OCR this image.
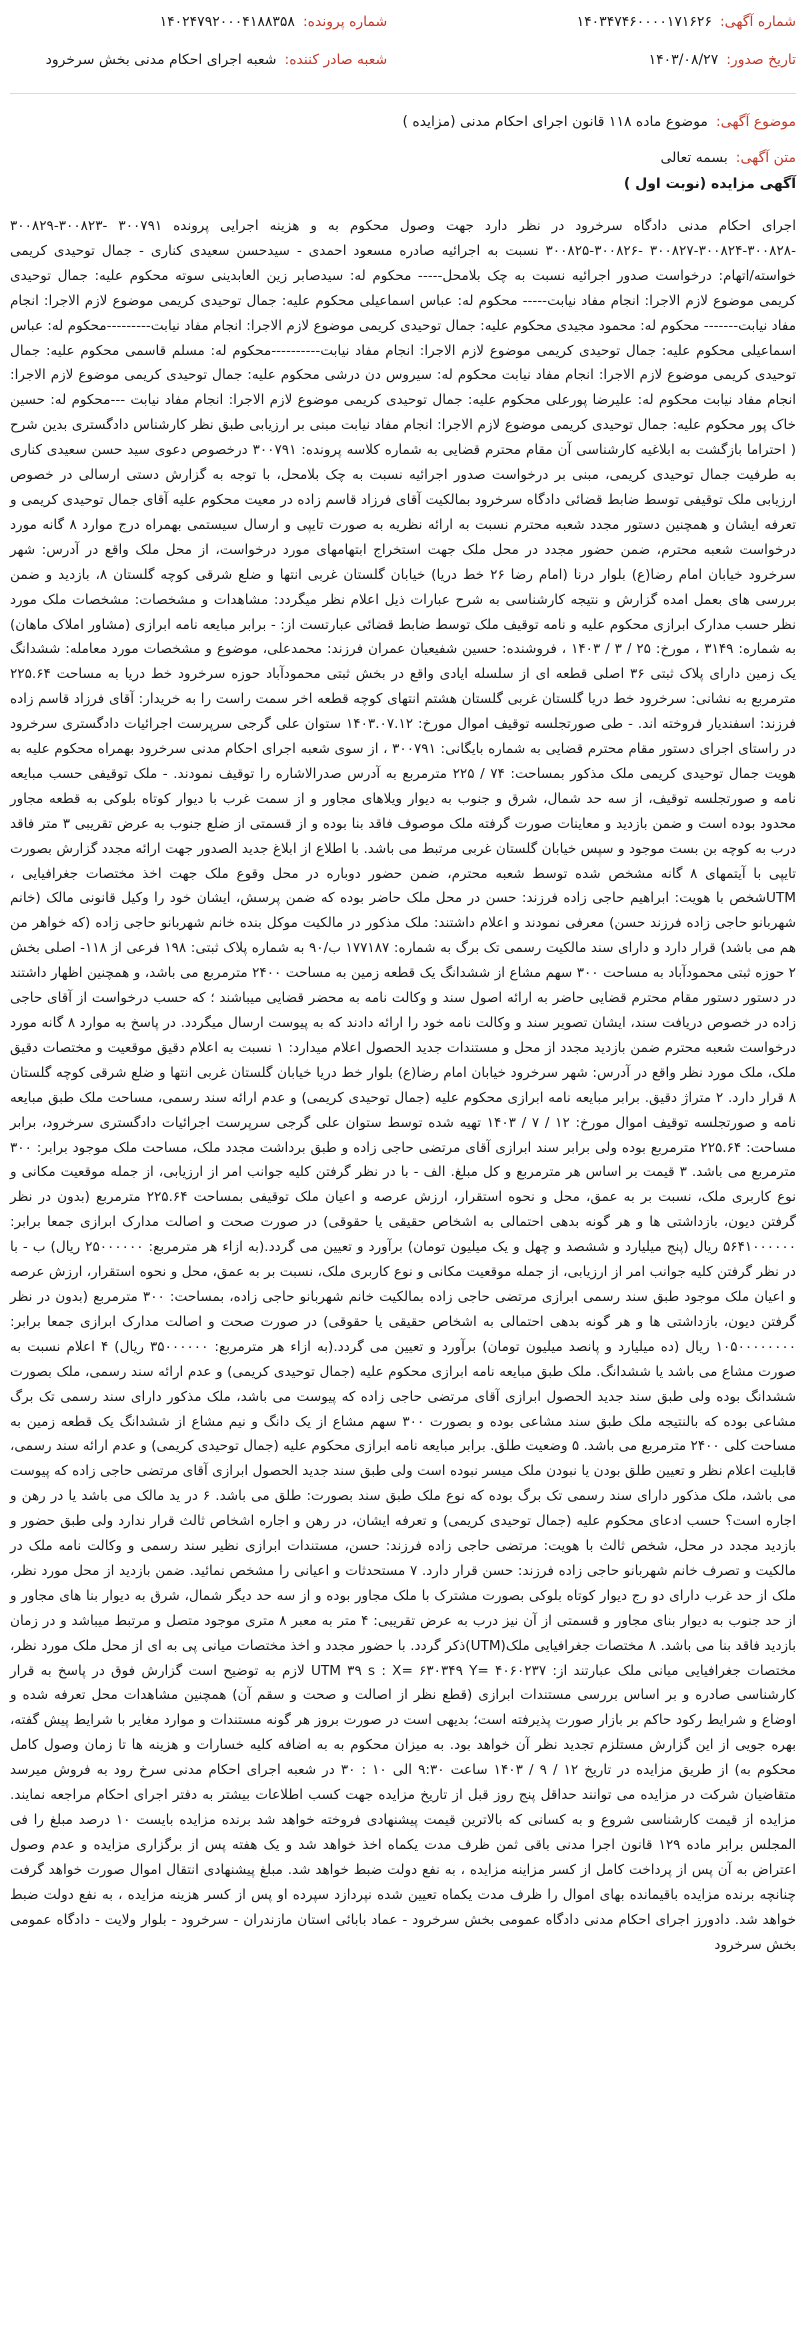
شماره آگهی:
۱۴۰۳۴۷۴۶۰۰۰۰۱۷۱۶۲۶
شماره پرونده:
۱۴۰۲۴۷۹۲۰۰۰۴۱۸۸۳۵۸
تاریخ صدور:
۱۴۰۳/۰۸/۲۷
شعبه صادر کننده:
شعبه اجرای احکام مدنی بخش سرخرود
موضوع آگهی:
موضوع ماده ۱۱۸ قانون اجرای احکام مدنی (مزایده )
متن آگهی:
بسمه تعالی
آگهی مزایده (نوبت اول )
اجرای احکام مدنی دادگاه سرخرود در نظر دارد جهت وصول محکوم به و هزینه اجرایی پرونده ۳۰۰۷۹۱ -۳۰۰۸۲۳-۳۰۰۸۲۹ -۳۰۰۸۲۸-۳۰۰۸۲۴-۳۰۰۸۲۷ -۳۰۰۸۲۶-۳۰۰۸۲۵ نسبت به اجرائیه صادره مسعود احمدی - سیدحسن سعیدی کناری - جمال توحیدی کریمی خواسته/اتهام: درخواست صدور اجرائیه نسبت به چک بلامحل----- محکوم له: سیدصابر زین العابدینی سوته محکوم علیه: جمال توحیدی کریمی موضوع لازم الاجرا: انجام مفاد نیابت----- محکوم له: عباس اسماعیلی محکوم علیه: جمال توحیدی کریمی موضوع لازم الاجرا: انجام مفاد نیابت------- محکوم له: محمود مجیدی محکوم علیه: جمال توحیدی کریمی موضوع لازم الاجرا: انجام مفاد نیابت---------محکوم له: عباس اسماعیلی محکوم علیه: جمال توحیدی کریمی موضوع لازم الاجرا: انجام مفاد نیابت----------محکوم له: مسلم قاسمی محکوم علیه: جمال توحیدی کریمی موضوع لازم الاجرا: انجام مفاد نیابت محکوم له: سیروس دن درشی محکوم علیه: جمال توحیدی کریمی موضوع لازم الاجرا: انجام مفاد نیابت محکوم له: علیرضا پورعلی محکوم علیه: جمال توحیدی کریمی موضوع لازم الاجرا: انجام مفاد نیابت ---محکوم له: حسین خاک پور محکوم علیه: جمال توحیدی کریمی موضوع لازم الاجرا: انجام مفاد نیابت مبنی بر ارزیابی طبق نظر کارشناس دادگستری بدین شرح ( احتراما بازگشت به ابلاغیه کارشناسی آن مقام محترم قضایی به شماره کلاسه پرونده: ۳۰۰۷۹۱ درخصوص دعوی سید حسن سعیدی کناری به طرفیت جمال توحیدی کریمی، مبنی بر درخواست صدور اجرائیه نسبت به چک بلامحل، با توجه به گزارش دستی ارسالی در خصوص ارزیابی ملک توقیفی توسط ضابط قضائی دادگاه سرخرود بمالکیت آقای فرزاد قاسم زاده در معیت محکوم علیه آقای جمال توحیدی کریمی و تعرفه ایشان و همچنین دستور مجدد شعبه محترم نسبت به ارائه نظریه به صورت تایپی و ارسال سیستمی بهمراه درج موارد ۸ گانه مورد درخواست شعبه محترم، ضمن حضور مجدد در محل ملک جهت استخراج ابتهامهای مورد درخواست، از محل ملک واقع در آدرس: شهر سرخرود خیابان امام رضا(ع) بلوار درنا (امام رضا ۲۶ خط دریا) خیابان گلستان غربی انتها و ضلع شرقی کوچه گلستان ۸، بازدید و ضمن بررسی های بعمل امده گزارش و نتیجه کارشناسی به شرح عبارات ذیل اعلام نظر میگردد: مشاهدات و مشخصات: مشخصات ملک مورد نظر حسب مدارک ابرازی محکوم علیه و نامه توقیف ملک توسط ضابط قضائی عبارتست از: - برابر مبایعه نامه ابرازی (مشاور املاک ماهان) به شماره: ۳۱۴۹ ، مورخ: ۲۵ / ۳ / ۱۴۰۳ ، فروشنده: حسین شفیعیان عمران فرزند: محمدعلی، موضوع و مشخصات مورد معامله: ششدانگ یک زمین دارای پلاک ثبتی ۳۶ اصلی قطعه ای از سلسله ایادی واقع در بخش ثبتی محمودآباد حوزه سرخرود خط دریا به مساحت ۲۲۵.۶۴ مترمربع به نشانی: سرخرود خط دریا گلستان غربی گلستان هشتم انتهای کوچه قطعه اخر سمت راست را به خریدار: آقای فرزاد قاسم زاده فرزند: اسفندیار فروخته اند. - طی صورتجلسه توقیف اموال مورخ: ۱۴۰۳.۰۷.۱۲ ستوان علی گرجی سرپرست اجرائیات دادگستری سرخرود در راستای اجرای دستور مقام محترم قضایی به شماره بایگانی: ۳۰۰۷۹۱ ، از سوی شعبه اجرای احکام مدنی سرخرود بهمراه محکوم علیه به هویت جمال توحیدی کریمی ملک مذکور بمساحت: ۷۴ / ۲۲۵ مترمربع به آدرس صدرالاشاره را توقیف نمودند. - ملک توقیفی حسب مبایعه نامه و صورتجلسه توقیف، از سه حد شمال، شرق و جنوب به دیوار ویلاهای مجاور و از سمت غرب با دیوار کوتاه بلوکی به قطعه مجاور محدود بوده است و ضمن بازدید و معاینات صورت گرفته ملک موصوف فاقد بنا بوده و از قسمتی از ضلع جنوب به عرض تقریبی ۳ متر فاقد درب به کوچه بن بست موجود و سپس خیابان گلستان غربی مرتبط می باشد. با اطلاع از ابلاغ جدید الصدور جهت ارائه مجدد گزارش بصورت تایپی با آیتمهای ۸ گانه مشخص شده توسط شعبه محترم، ضمن حضور دوباره در محل وقوع ملک جهت اخذ مختصات جغرافیایی ، UTMشخص با هویت: ابراهیم حاجی زاده فرزند: حسن در محل ملک حاضر بوده که ضمن پرسش، ایشان خود را وکیل قانونی مالک (خانم شهربانو حاجی زاده فرزند حسن) معرفی نمودند و اعلام داشتند: ملک مذکور در مالکیت موکل بنده خانم شهربانو حاجی زاده (که خواهر من هم می باشد) قرار دارد و دارای سند مالکیت رسمی تک برگ به شماره: ۱۷۷۱۸۷ ب/۹۰ به شماره پلاک ثبتی: ۱۹۸ فرعی از ۱۱۸- اصلی بخش ۲ حوزه ثبتی محمودآباد به مساحت ۳۰۰ سهم مشاع از ششدانگ یک قطعه زمین به مساحت ۲۴۰۰ مترمربع می باشد، و همچنین اظهار داشتند در دستور دستور مقام محترم قضایی حاضر به ارائه اصول سند و وکالت نامه به محضر قضایی میباشند ؛ که حسب درخواست از آقای حاجی زاده در خصوص دریافت سند، ایشان تصویر سند و وکالت نامه خود را ارائه دادند که به پیوست ارسال میگردد. در پاسخ به موارد ۸ گانه مورد درخواست شعبه محترم ضمن بازدید مجدد از محل و مستندات جدید الحصول اعلام میدارد: ۱ نسبت به اعلام دقیق موقعیت و مختصات دقیق ملک، ملک مورد نظر واقع در آدرس: شهر سرخرود خیابان امام رضا(ع) بلوار خط دریا خیابان گلستان غربی انتها و ضلع شرقی کوچه گلستان ۸ قرار دارد. ۲ متراژ دقیق. برابر مبایعه نامه ابرازی محکوم علیه (جمال توحیدی کریمی) و عدم ارائه سند رسمی، مساحت ملک طبق مبایعه نامه و صورتجلسه توقیف اموال مورخ: ۱۲ / ۷ / ۱۴۰۳ تهیه شده توسط ستوان علی گرجی سرپرست اجرائیات دادگستری سرخرود، برابر مساحت: ۲۲۵.۶۴ مترمربع بوده ولی برابر سند ابرازی آقای مرتضی حاجی زاده و طبق برداشت مجدد ملک، مساحت ملک موجود برابر: ۳۰۰ مترمربع می باشد. ۳ قیمت بر اساس هر مترمربع و کل مبلغ. الف - با در نظر گرفتن کلیه جوانب امر از ارزیابی، از جمله موقعیت مکانی و نوع کاربری ملک، نسبت بر به عمق، محل و نحوه استقرار، ارزش عرصه و اعیان ملک توقیفی بمساحت ۲۲۵.۶۴ مترمربع (بدون در نظر گرفتن دیون، بازداشتی ها و هر گونه بدهی احتمالی به اشخاص حقیقی یا حقوقی) در صورت صحت و اصالت مدارک ابرازی جمعا برابر: ۵۶۴۱۰۰۰۰۰۰ ریال (پنج میلیارد و ششصد و چهل و یک میلیون تومان) برآورد و تعیین می گردد.(به ازاء هر مترمربع: ۲۵۰۰۰۰۰۰ ریال) ب - با در نظر گرفتن کلیه جوانب امر از ارزیابی، از جمله موقعیت مکانی و نوع کاربری ملک، نسبت بر به عمق، محل و نحوه استقرار، ارزش عرصه و اعیان ملک موجود طبق سند رسمی ابرازی مرتضی حاجی زاده بمالکیت خانم شهربانو حاجی زاده، بمساحت: ۳۰۰ مترمربع (بدون در نظر گرفتن دیون، بازداشتی ها و هر گونه بدهی احتمالی به اشخاص حقیقی یا حقوقی) در صورت صحت و اصالت مدارک ابرازی جمعا برابر: ۱۰۵۰۰۰۰۰۰۰۰ ریال (ده میلیارد و پانصد میلیون تومان) برآورد و تعیین می گردد.(به ازاء هر مترمربع: ۳۵۰۰۰۰۰۰ ریال) ۴ اعلام نسبت به صورت مشاع می باشد یا ششدانگ. ملک طبق مبایعه نامه ابرازی محکوم علیه (جمال توحیدی کریمی) و عدم ارائه سند رسمی، ملک بصورت ششدانگ بوده ولی طبق سند جدید الحصول ابرازی آقای مرتضی حاجی زاده که پیوست می باشد، ملک مذکور دارای سند رسمی تک برگ مشاعی بوده که بالنتیجه ملک طبق سند مشاعی بوده و بصورت ۳۰۰ سهم مشاع از یک دانگ و نیم مشاع از ششدانگ یک قطعه زمین به مساحت کلی ۲۴۰۰ مترمربع می باشد. ۵ وضعیت طلق. برابر مبایعه نامه ابرازی محکوم علیه (جمال توحیدی کریمی) و عدم ارائه سند رسمی، قابلیت اعلام نظر و تعیین طلق بودن یا نبودن ملک میسر نبوده است ولی طبق سند جدید الحصول ابرازی آقای مرتضی حاجی زاده که پیوست می باشد، ملک مذکور دارای سند رسمی تک برگ بوده که نوع ملک طبق سند بصورت: طلق می باشد. ۶ در ید مالک می باشد یا در رهن و اجاره است؟ حسب ادعای محکوم علیه (جمال توحیدی کریمی) و تعرفه ایشان، در رهن و اجاره اشخاص ثالث قرار ندارد ولی طبق حضور و بازدید مجدد در محل، شخص ثالث با هویت: مرتضی حاجی زاده فرزند: حسن، مستندات ابرازی نظیر سند رسمی و وکالت نامه ملک در مالکیت و تصرف خانم شهربانو حاجی زاده فرزند: حسن قرار دارد. ۷ مستحدثات و اعیانی را مشخص نمائید. ضمن بازدید از محل مورد نظر، ملک از حد غرب دارای دو رج دیوار کوتاه بلوکی بصورت مشترک با ملک مجاور بوده و از سه حد دیگر شمال، شرق به دیوار بنا های مجاور و از حد جنوب به دیوار بنای مجاور و قسمتی از آن نیز درب به عرض تقریبی: ۴ متر به معبر ۸ متری موجود متصل و مرتبط میباشد و در زمان بازدید فاقد بنا می باشد. ۸ مختصات جغرافیایی ملک(UTM)ذکر گردد. با حضور مجدد و اخذ مختصات میانی پی به ای از محل ملک مورد نظر، مختصات جغرافیایی میانی ملک عبارتند از: UTM ۳۹ s : X= ۶۳۰۳۴۹ Y= ۴۰۶۰۲۳۷ لازم به توضیح است گزارش فوق در پاسخ به قرار کارشناسی صادره و بر اساس بررسی مستندات ابرازی (قطع نظر از اصالت و صحت و سقم آن) همچنین مشاهدات محل تعرفه شده و اوضاع و شرایط رکود حاکم بر بازار صورت پذیرفته است؛ بدیهی است در صورت بروز هر گونه مستندات و موارد مغایر با شرایط پیش گفته، بهره جویی از این گزارش مستلزم تجدید نظر آن خواهد بود. به میزان محکوم به به اضافه کلیه خسارات و هزینه ها تا زمان وصول کامل محکوم به) از طریق مزایده در تاریخ ۱۲ / ۹ / ۱۴۰۳ ساعت ۹:۳۰ الی ۱۰ : ۳۰ در شعبه اجرای احکام مدنی سرخ رود به فروش میرسد متقاضیان شرکت در مزایده می توانند حداقل پنج روز قبل از تاریخ مزایده جهت کسب اطلاعات بیشتر به دفتر اجرای احکام مراجعه نمایند. مزایده از قیمت کارشناسی شروع و به کسانی که بالاترین قیمت پیشنهادی فروخته خواهد شد برنده مزایده بایست ۱۰ درصد مبلغ را فی المجلس برابر ماده ۱۲۹ قانون اجرا مدنی باقی ثمن ظرف مدت یکماه اخذ خواهد شد و یک هفته پس از برگزاری مزایده و عدم وصول اعتراض به آن پس از پرداخت کامل از کسر مزاینه مزایده ، به نفع دولت ضبط خواهد شد. مبلغ پیشنهادی انتقال اموال صورت خواهد گرفت چنانچه برنده مزایده باقیمانده بهای اموال را ظرف مدت یکماه تعیین شده نپردازد سپرده او پس از کسر هزینه مزایده ، به نفع دولت ضبط خواهد شد. دادورز اجرای احکام مدنی دادگاه عمومی بخش سرخرود - عماد بابائی استان مازندران - سرخرود - بلوار ولایت - دادگاه عمومی بخش سرخرود
